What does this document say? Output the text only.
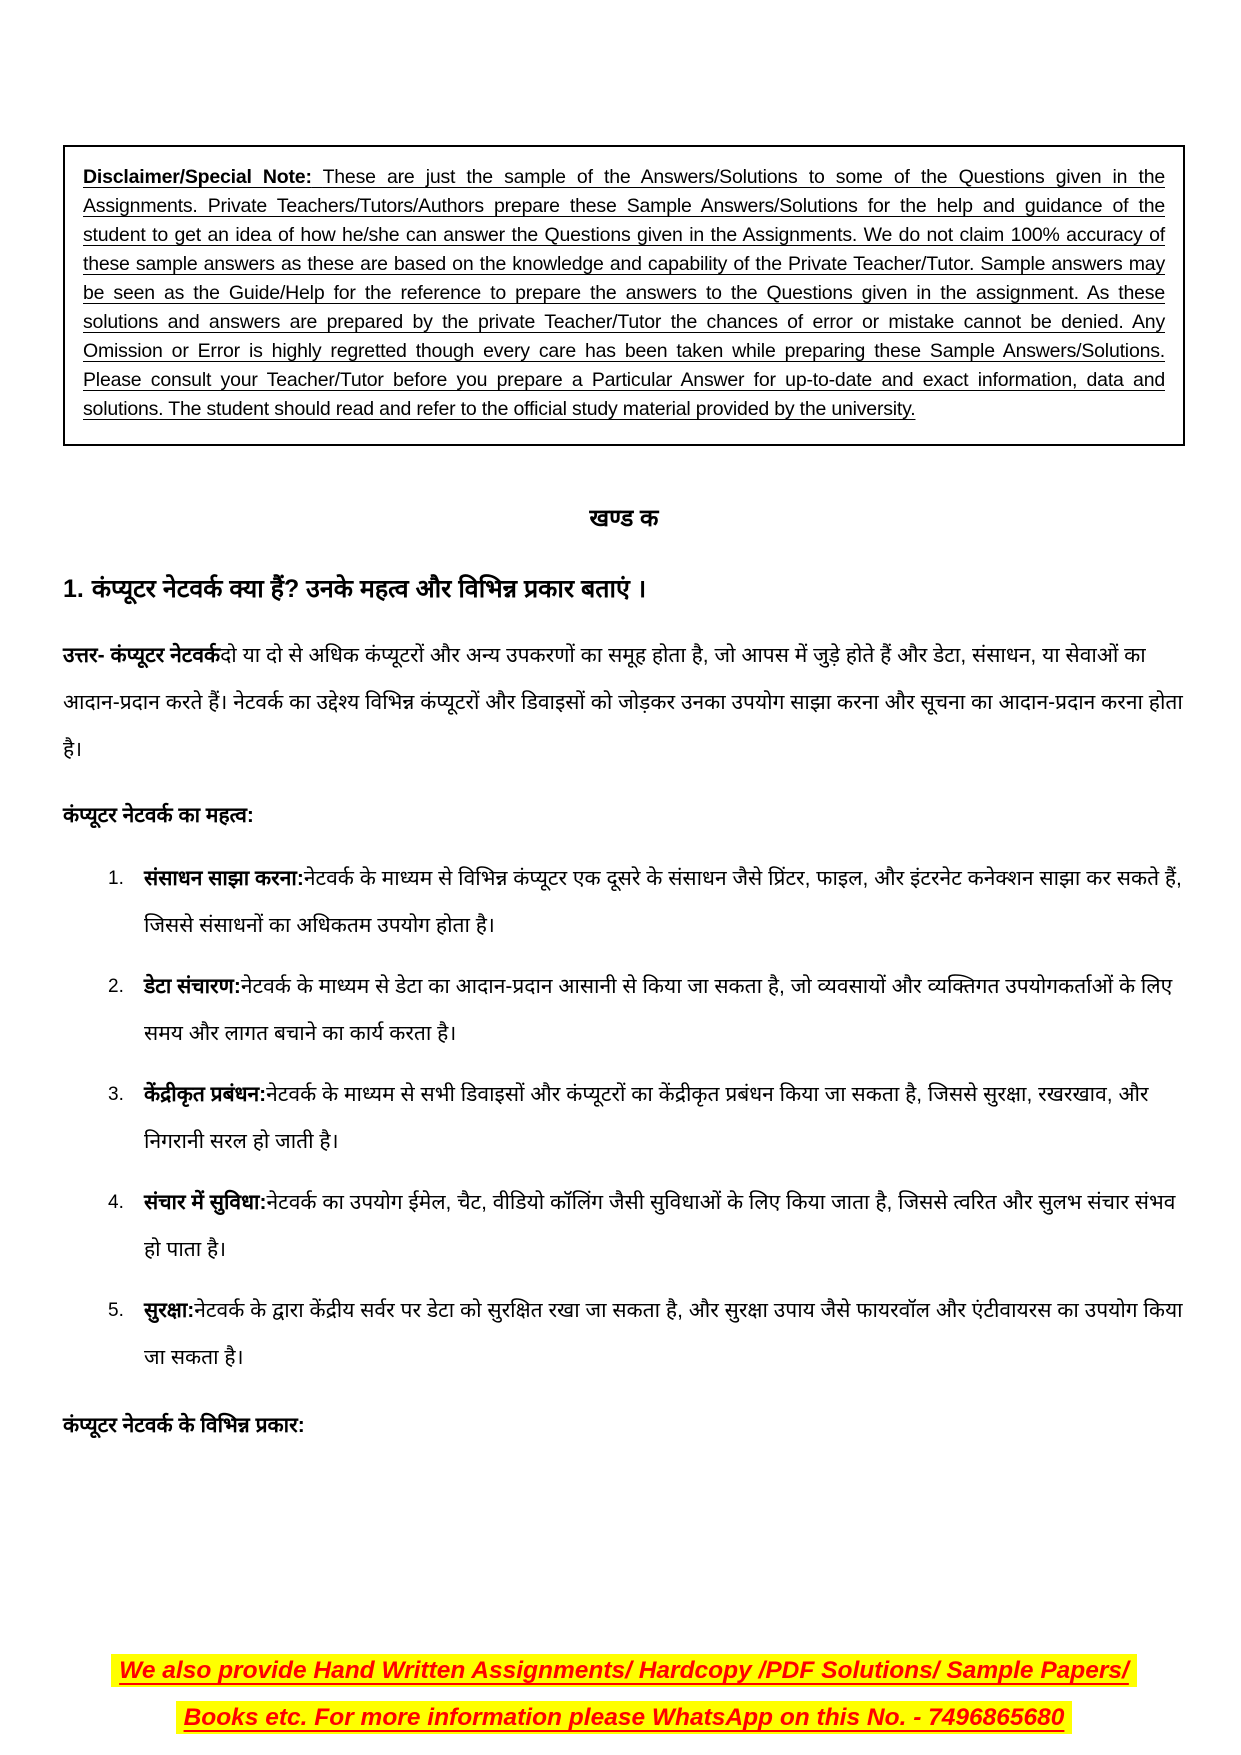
Disclaimer/Special Note: These are just the sample of the Answers/Solutions to some of the Questions given in the Assignments. Private Teachers/Tutors/Authors prepare these Sample Answers/Solutions for the help and guidance of the student to get an idea of how he/she can answer the Questions given in the Assignments. We do not claim 100% accuracy of these sample answers as these are based on the knowledge and capability of the Private Teacher/Tutor. Sample answers may be seen as the Guide/Help for the reference to prepare the answers to the Questions given in the assignment. As these solutions and answers are prepared by the private Teacher/Tutor the chances of error or mistake cannot be denied. Any Omission or Error is highly regretted though every care has been taken while preparing these Sample Answers/Solutions. Please consult your Teacher/Tutor before you prepare a Particular Answer for up-to-date and exact information, data and solutions. The student should read and refer to the official study material provided by the university.

खण्ड क
1. कंप्यूटर नेटवर्क क्या हैं? उनके महत्व और विभिन्न प्रकार बताएं ।

उत्तर- कंप्यूटर नेटवर्कदो या दो से अधिक कंप्यूटरों और अन्य उपकरणों का समूह होता है, जो आपस में जुड़े होते हैं और डेटा, संसाधन, या सेवाओं का आदान-प्रदान करते हैं। नेटवर्क का उद्देश्य विभिन्न कंप्यूटरों और डिवाइसों को जोड़कर उनका उपयोग साझा करना और सूचना का आदान-प्रदान करना होता है।

कंप्यूटर नेटवर्क का महत्व:
1. संसाधन साझा करना:नेटवर्क के माध्यम से विभिन्न कंप्यूटर एक दूसरे के संसाधन जैसे प्रिंटर, फाइल, और इंटरनेट कनेक्शन साझा कर सकते हैं, जिससे संसाधनों का अधिकतम उपयोग होता है।
2. डेटा संचारण:नेटवर्क के माध्यम से डेटा का आदान-प्रदान आसानी से किया जा सकता है, जो व्यवसायों और व्यक्तिगत उपयोगकर्ताओं के लिए समय और लागत बचाने का कार्य करता है।
3. केंद्रीकृत प्रबंधन:नेटवर्क के माध्यम से सभी डिवाइसों और कंप्यूटरों का केंद्रीकृत प्रबंधन किया जा सकता है, जिससे सुरक्षा, रखरखाव, और निगरानी सरल हो जाती है।
4. संचार में सुविधा:नेटवर्क का उपयोग ईमेल, चैट, वीडियो कॉलिंग जैसी सुविधाओं के लिए किया जाता है, जिससे त्वरित और सुलभ संचार संभव हो पाता है।
5. सुरक्षा:नेटवर्क के द्वारा केंद्रीय सर्वर पर डेटा को सुरक्षित रखा जा सकता है, और सुरक्षा उपाय जैसे फायरवॉल और एंटीवायरस का उपयोग किया जा सकता है।
कंप्यूटर नेटवर्क के विभिन्न प्रकार:
We also provide Hand Written Assignments/ Hardcopy /PDF Solutions/ Sample Papers/
Books etc. For more information please WhatsApp on this No. - 7496865680
